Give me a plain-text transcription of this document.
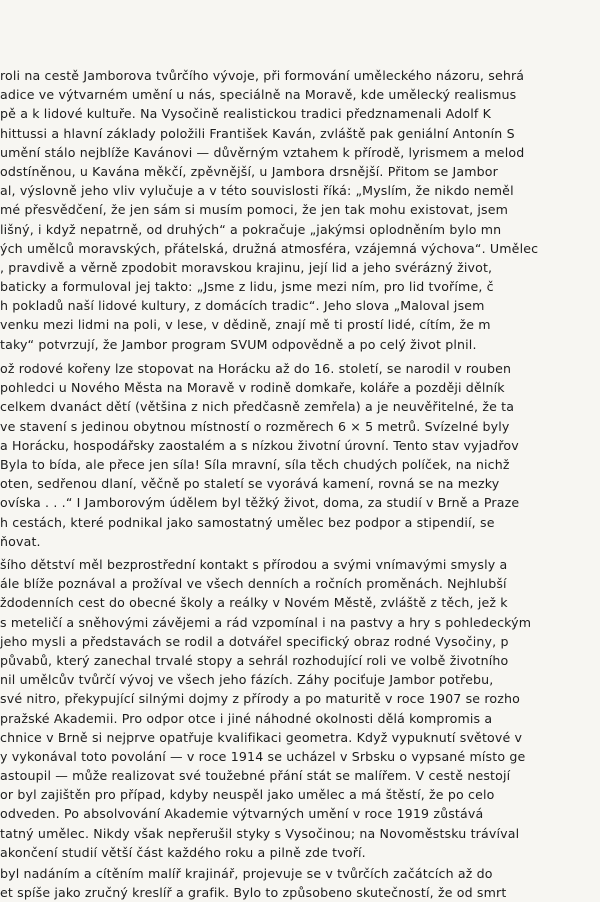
roli na cestě Jamborova tvůrčího vývoje, při formování uměleckého názoru, sehrá
adice ve výtvarném umění u nás, speciálně na Moravě, kde umělecký realismus
pě a k lidové kultuře. Na Vysočině realistickou tradici předznamenali Adolf K
hittussi a hlavní základy položili František Kaván, zvláště pak geniální Antonín S
umění stálo nejblíže Kavánovi — důvěrným vztahem k přírodě, lyrismem a melod
odstíněnou, u Kavána měkčí, zpěvnější, u Jambora drsnější. Přitom se Jambor
al, výslovně jeho vliv vylučuje a v této souvislosti říká: „Myslím, že nikdo neměl
mé přesvědčení, že jen sám si musím pomoci, že jen tak mohu existovat, jsem
lišný, i když nepatrně, od druhých“ a pokračuje „jakýmsi oplodněním bylo mn
ých umělců moravských, přátelská, družná atmosféra, vzájemná výchova“. Umělec
, pravdivě a věrně zpodobit moravskou krajinu, její lid a jeho svérázný život,
baticky a formuloval jej takto: „Jsme z lidu, jsme mezi ním, pro lid tvoříme, č
h pokladů naší lidové kultury, z domácích tradic“. Jeho slova „Maloval jsem
venku mezi lidmi na poli, v lese, v dědině, znají mě ti prostí lidé, cítím, že m
taky“ potvrzují, že Jambor program SVUM odpovědně a po celý život plnil.
ož rodové kořeny lze stopovat na Horácku až do 16. století, se narodil v rouben
pohledci u Nového Města na Moravě v rodině domkaře, koláře a později dělník
celkem dvanáct dětí (většina z nich předčasně zemřela) a je neuvěřitelné, že ta
ve stavení s jedinou obytnou místností o rozměrech 6 × 5 metrů. Svízelné byly
a Horácku, hospodářsky zaostalém a s nízkou životní úrovní. Tento stav vyjadřov
Byla to bída, ale přece jen síla! Síla mravní, síla těch chudých políček, na nichž
oten, sedřenou dlaní, věčně po staletí se vyorává kamení, rovná se na mezky
ovíska . . .“ I Jamborovým údělem byl těžký život, doma, za studií v Brně a Praze
h cestách, které podnikal jako samostatný umělec bez podpor a stipendií, se
ňovat.
šího dětství měl bezprostřední kontakt s přírodou a svými vnímavými smysly a
ále blíže poznával a prožíval ve všech denních a ročních proměnách. Nejhlubší
ždodenních cest do obecné školy a reálky v Novém Městě, zvláště z těch, jež k
s meteličí a sněhovými závějemi a rád vzpomínal i na pastvy a hry s pohledeckým
jeho mysli a představách se rodil a dotvářel specifický obraz rodné Vysočiny, p
půvabů, který zanechal trvalé stopy a sehrál rozhodující roli ve volbě životního
nil umělcův tvůrčí vývoj ve všech jeho fázích. Záhy pociťuje Jambor potřebu,
své nitro, překypující silnými dojmy z přírody a po maturitě v roce 1907 se rozho
pražské Akademii. Pro odpor otce i jiné náhodné okolnosti dělá kompromis a
chnice v Brně si nejprve opatřuje kvalifikaci geometra. Když vypuknutí světové v
y vykonával toto povolání — v roce 1914 se ucházel v Srbsku o vypsané místo ge
astoupil — může realizovat své toužebné přání stát se malířem. V cestě nestojí
or byl zajištěn pro případ, kdyby neuspěl jako umělec a má štěstí, že po celo
odveden. Po absolvování Akademie výtvarných umění v roce 1919 zůstává
tatný umělec. Nikdy však nepřerušil styky s Vysočinou; na Novoměstsku trávíval
akončení studií větší část každého roku a pilně zde tvoří.
byl nadáním a cítěním malíř krajinář, projevuje se v tvůrčích začátcích až do
et spíše jako zručný kreslíř a grafik. Bylo to způsobeno skutečností, že od smrt
